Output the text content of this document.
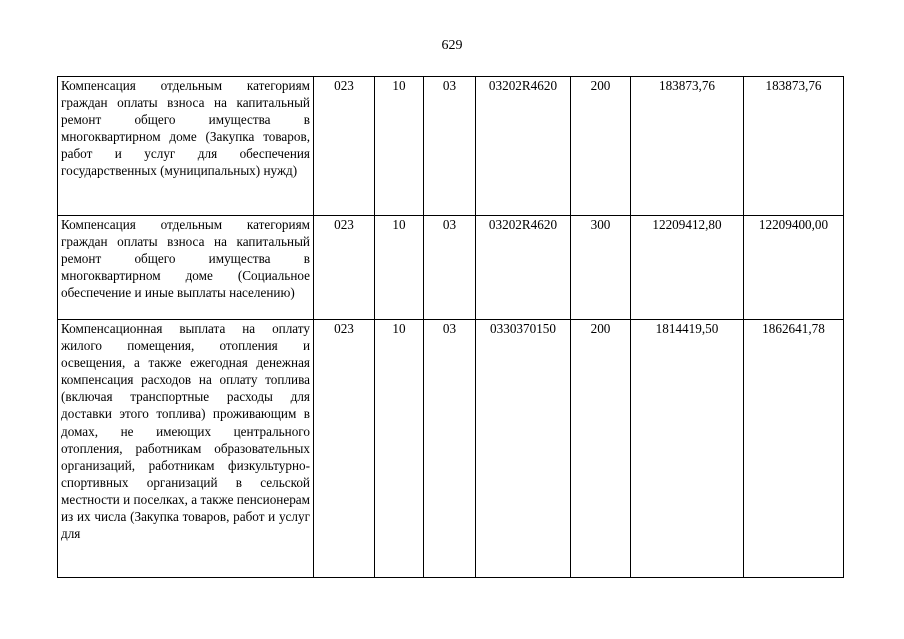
629
Компенсация отдельным категориям граждан оплаты взноса на капитальный ремонт общего имущества в многоквартирном доме (Закупка товаров, работ и услуг для обеспечения государственных (муниципальных) нужд)	023	10	03	03202R4620	200	183873,76	183873,76
Компенсация отдельным категориям граждан оплаты взноса на капитальный ремонт общего имущества в многоквартирном доме (Социальное обеспечение и иные выплаты населению)	023	10	03	03202R4620	300	12209412,80	12209400,00

Компенсационная выплата на оплату жилого помещения, отопления и освещения, а также ежегодная денежная компенсация расходов на оплату топлива (включая транспортные расходы для доставки этого топлива) проживающим в домах, не имеющих центрального отопления, работникам образовательных организаций, работникам физкультурно-спортивных организаций в сельской местности и поселках, а также пенсионерам из их числа (Закупка товаров, работ и услуг для	023	10	03	0330370150	200	1814419,50	1862641,78
